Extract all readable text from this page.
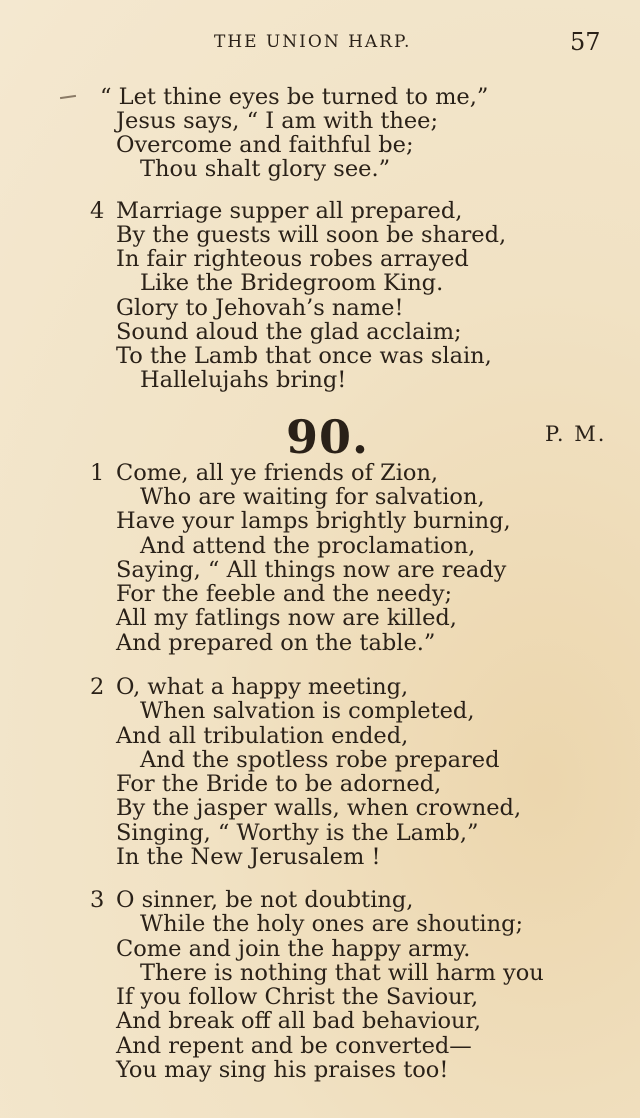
THE UNION HARP.	57
“ Let thine eyes be turned to me,”
Jesus says, “ I am with thee;
Overcome and faithful be;
Thou shalt glory see.”
4 Marriage supper all prepared,
By the guests will soon be shared,
In fair righteous robes arrayed
Like the Bridegroom King.
Glory to Jehovah’s name!
Sound aloud the glad acclaim;
To the Lamb that once was slain,
Hallelujahs bring!
90.	P. M.
1 Come, all ye friends of Zion,
Who are waiting for salvation,
Have your lamps brightly burning,
And attend the proclamation,
Saying, “ All things now are ready
For the feeble and the needy;
All my fatlings now are killed,
And prepared on the table.”
2 O, what a happy meeting,
When salvation is completed,
And all tribulation ended,
And the spotless robe prepared
For the Bride to be adorned,
By the jasper walls, when crowned,
Singing, “ Worthy is the Lamb,”
In the New Jerusalem !
3 O sinner, be not doubting,
While the holy ones are shouting;
Come and join the happy army.
There is nothing that will harm you
If you follow Christ the Saviour,
And break off all bad behaviour,
And repent and be converted—
You may sing his praises too!
